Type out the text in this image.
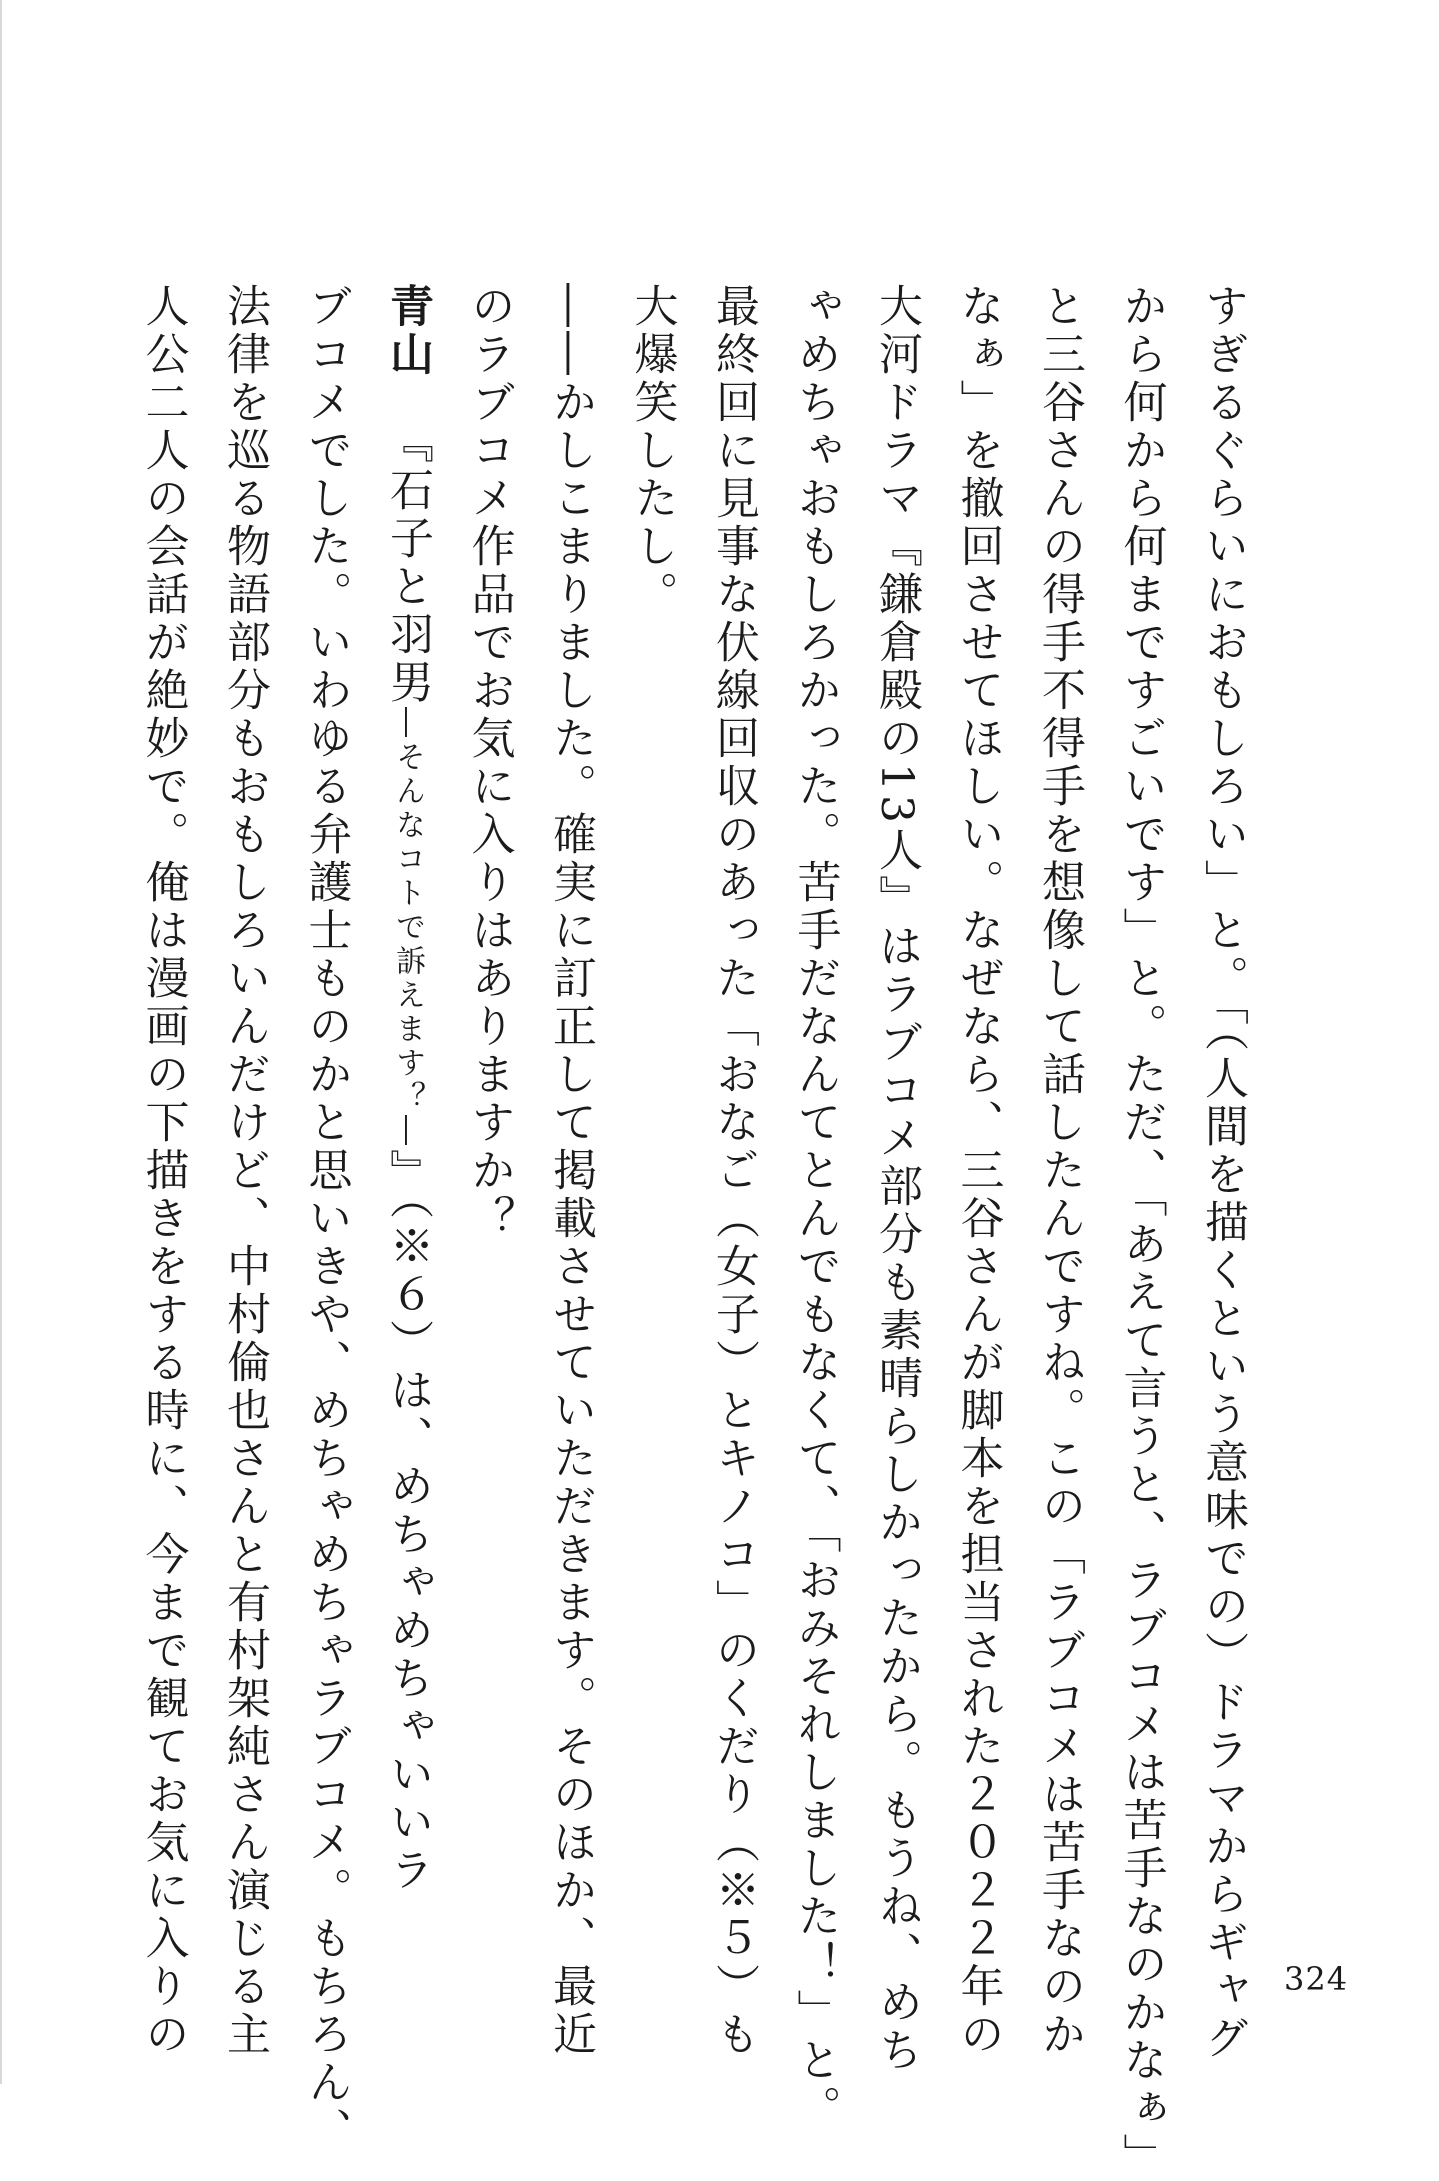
すぎるぐらいにおもしろい」と。「（人間を描くという意味での）ドラマからギャグ
から何から何まですごいです」と。ただ、「あえて言うと、ラブコメは苦手なのかなぁ」
と三谷さんの得手不得手を想像して話したんですね。この「ラブコメは苦手なのか
なぁ」を撤回させてほしい。なぜなら、三谷さんが脚本を担当された２０２２年の
大河ドラマ『鎌倉殿の13人』はラブコメ部分も素晴らしかったから。もうね、めち
ゃめちゃおもしろかった。苦手だなんてとんでもなくて、「おみそれしました！」と。
最終回に見事な伏線回収のあった「おなご（女子）とキノコ」のくだり（※５）も
大爆笑したし。
――かしこまりました。確実に訂正して掲載させていただきます。そのほか、最近
のラブコメ作品でお気に入りはありますか？
青山『石子と羽男―そんなコトで訴えます？―』（※６）は、めちゃめちゃいいラ
ブコメでした。いわゆる弁護士ものかと思いきや、めちゃめちゃラブコメ。もちろん、
法律を巡る物語部分もおもしろいんだけど、中村倫也さんと有村架純さん演じる主
人公二人の会話が絶妙で。俺は漫画の下描きをする時に、今まで観てお気に入りの	324
